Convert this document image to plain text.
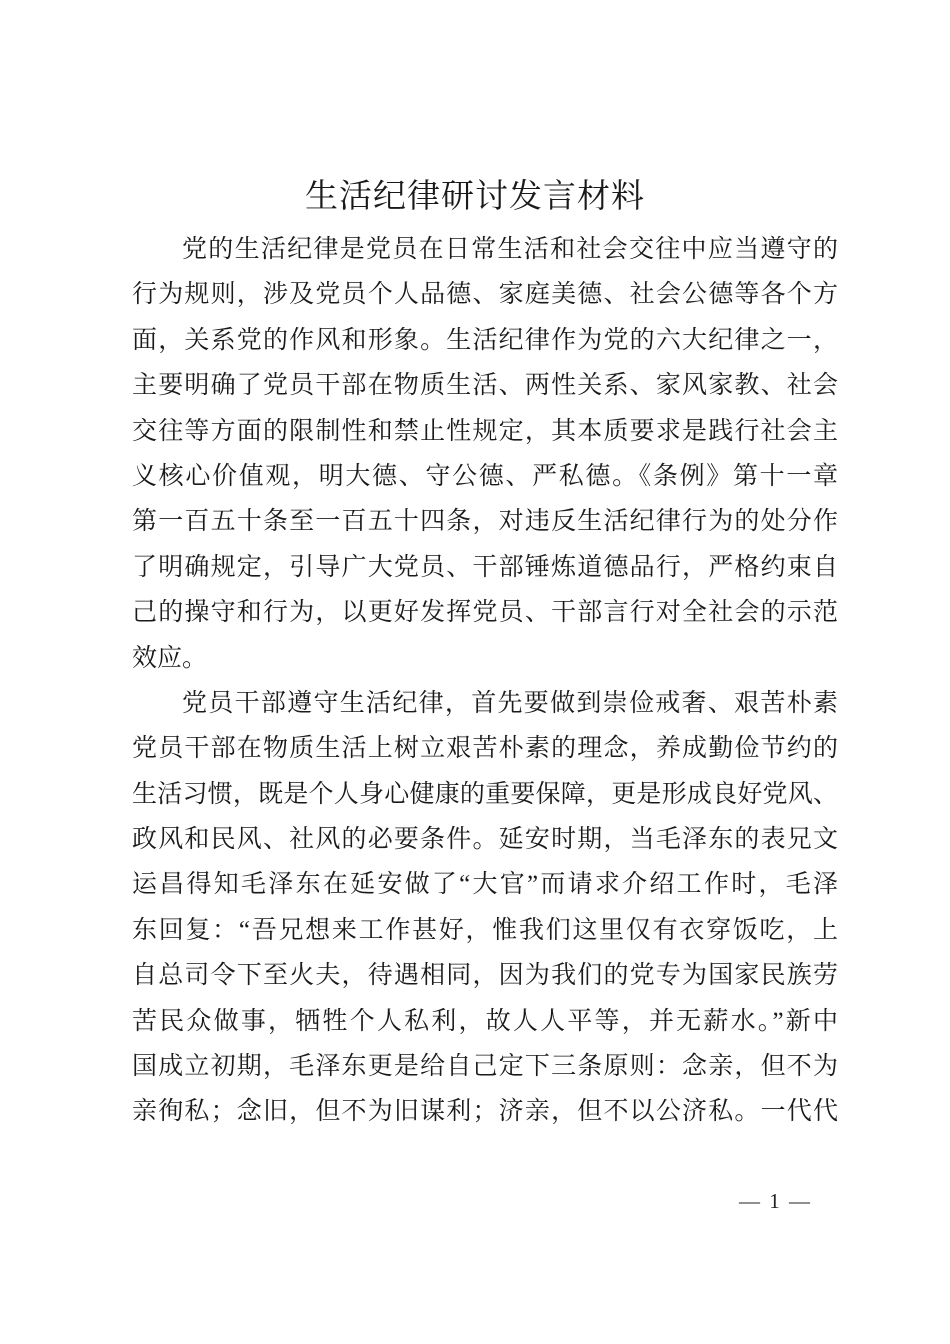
生活纪律研讨发言材料
党的生活纪律是党员在日常生活和社会交往中应当遵守的
行为规则，涉及党员个人品德、家庭美德、社会公德等各个方
面，关系党的作风和形象。生活纪律作为党的六大纪律之一，
主要明确了党员干部在物质生活、两性关系、家风家教、社会
交往等方面的限制性和禁止性规定，其本质要求是践行社会主
义核心价值观，明大德、守公德、严私德。《条例》第十一章
第一百五十条至一百五十四条，对违反生活纪律行为的处分作
了明确规定，引导广大党员、干部锤炼道德品行，严格约束自
己的操守和行为，以更好发挥党员、干部言行对全社会的示范
效应。
党员干部遵守生活纪律，首先要做到崇俭戒奢、艰苦朴素
党员干部在物质生活上树立艰苦朴素的理念，养成勤俭节约的
生活习惯，既是个人身心健康的重要保障，更是形成良好党风、
政风和民风、社风的必要条件。延安时期，当毛泽东的表兄文
运昌得知毛泽东在延安做了“大官”而请求介绍工作时，毛泽
东回复：“吾兄想来工作甚好，惟我们这里仅有衣穿饭吃，上
自总司令下至火夫，待遇相同，因为我们的党专为国家民族劳
苦民众做事，牺牲个人私利，故人人平等，并无薪水。”新中
国成立初期，毛泽东更是给自己定下三条原则：念亲，但不为
亲徇私；念旧，但不为旧谋利；济亲，但不以公济私。一代代
— 1 —
